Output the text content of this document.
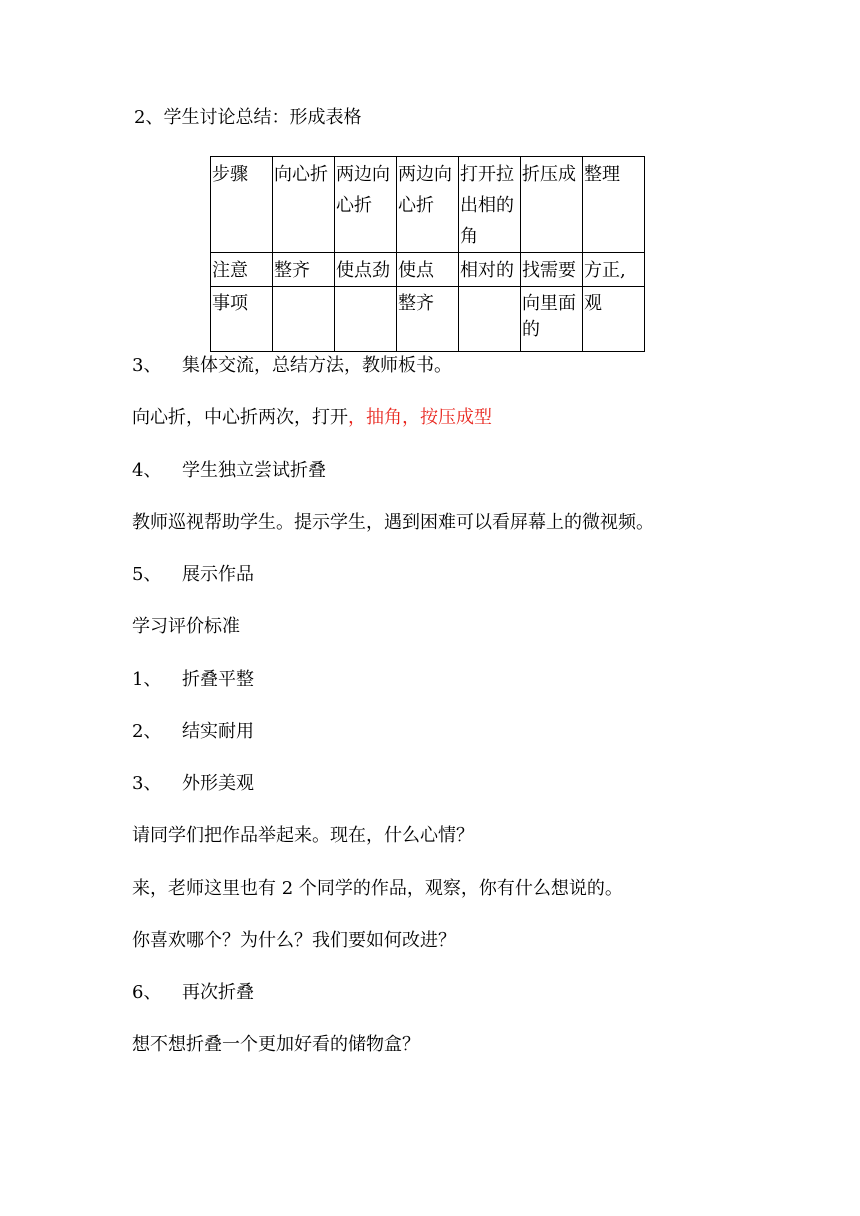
2、学生讨论总结：形成表格
步骤	向心折	两边向心折	两边向心折	打开拉出相的角	折压成	整理
注意	整齐	使点劲	使点	相对的	找需要	方正,
事项			整齐		向里面的	观
3、 集体交流，总结方法，教师板书。
向心折，中心折两次，打开，抽角，按压成型
4、 学生独立尝试折叠
教师巡视帮助学生。提示学生，遇到困难可以看屏幕上的微视频。
5、 展示作品
学习评价标准
1、 折叠平整
2、 结实耐用
3、 外形美观
请同学们把作品举起来。现在，什么心情？
来，老师这里也有 2 个同学的作品，观察，你有什么想说的。
你喜欢哪个？为什么？我们要如何改进？
6、 再次折叠
想不想折叠一个更加好看的储物盒？
